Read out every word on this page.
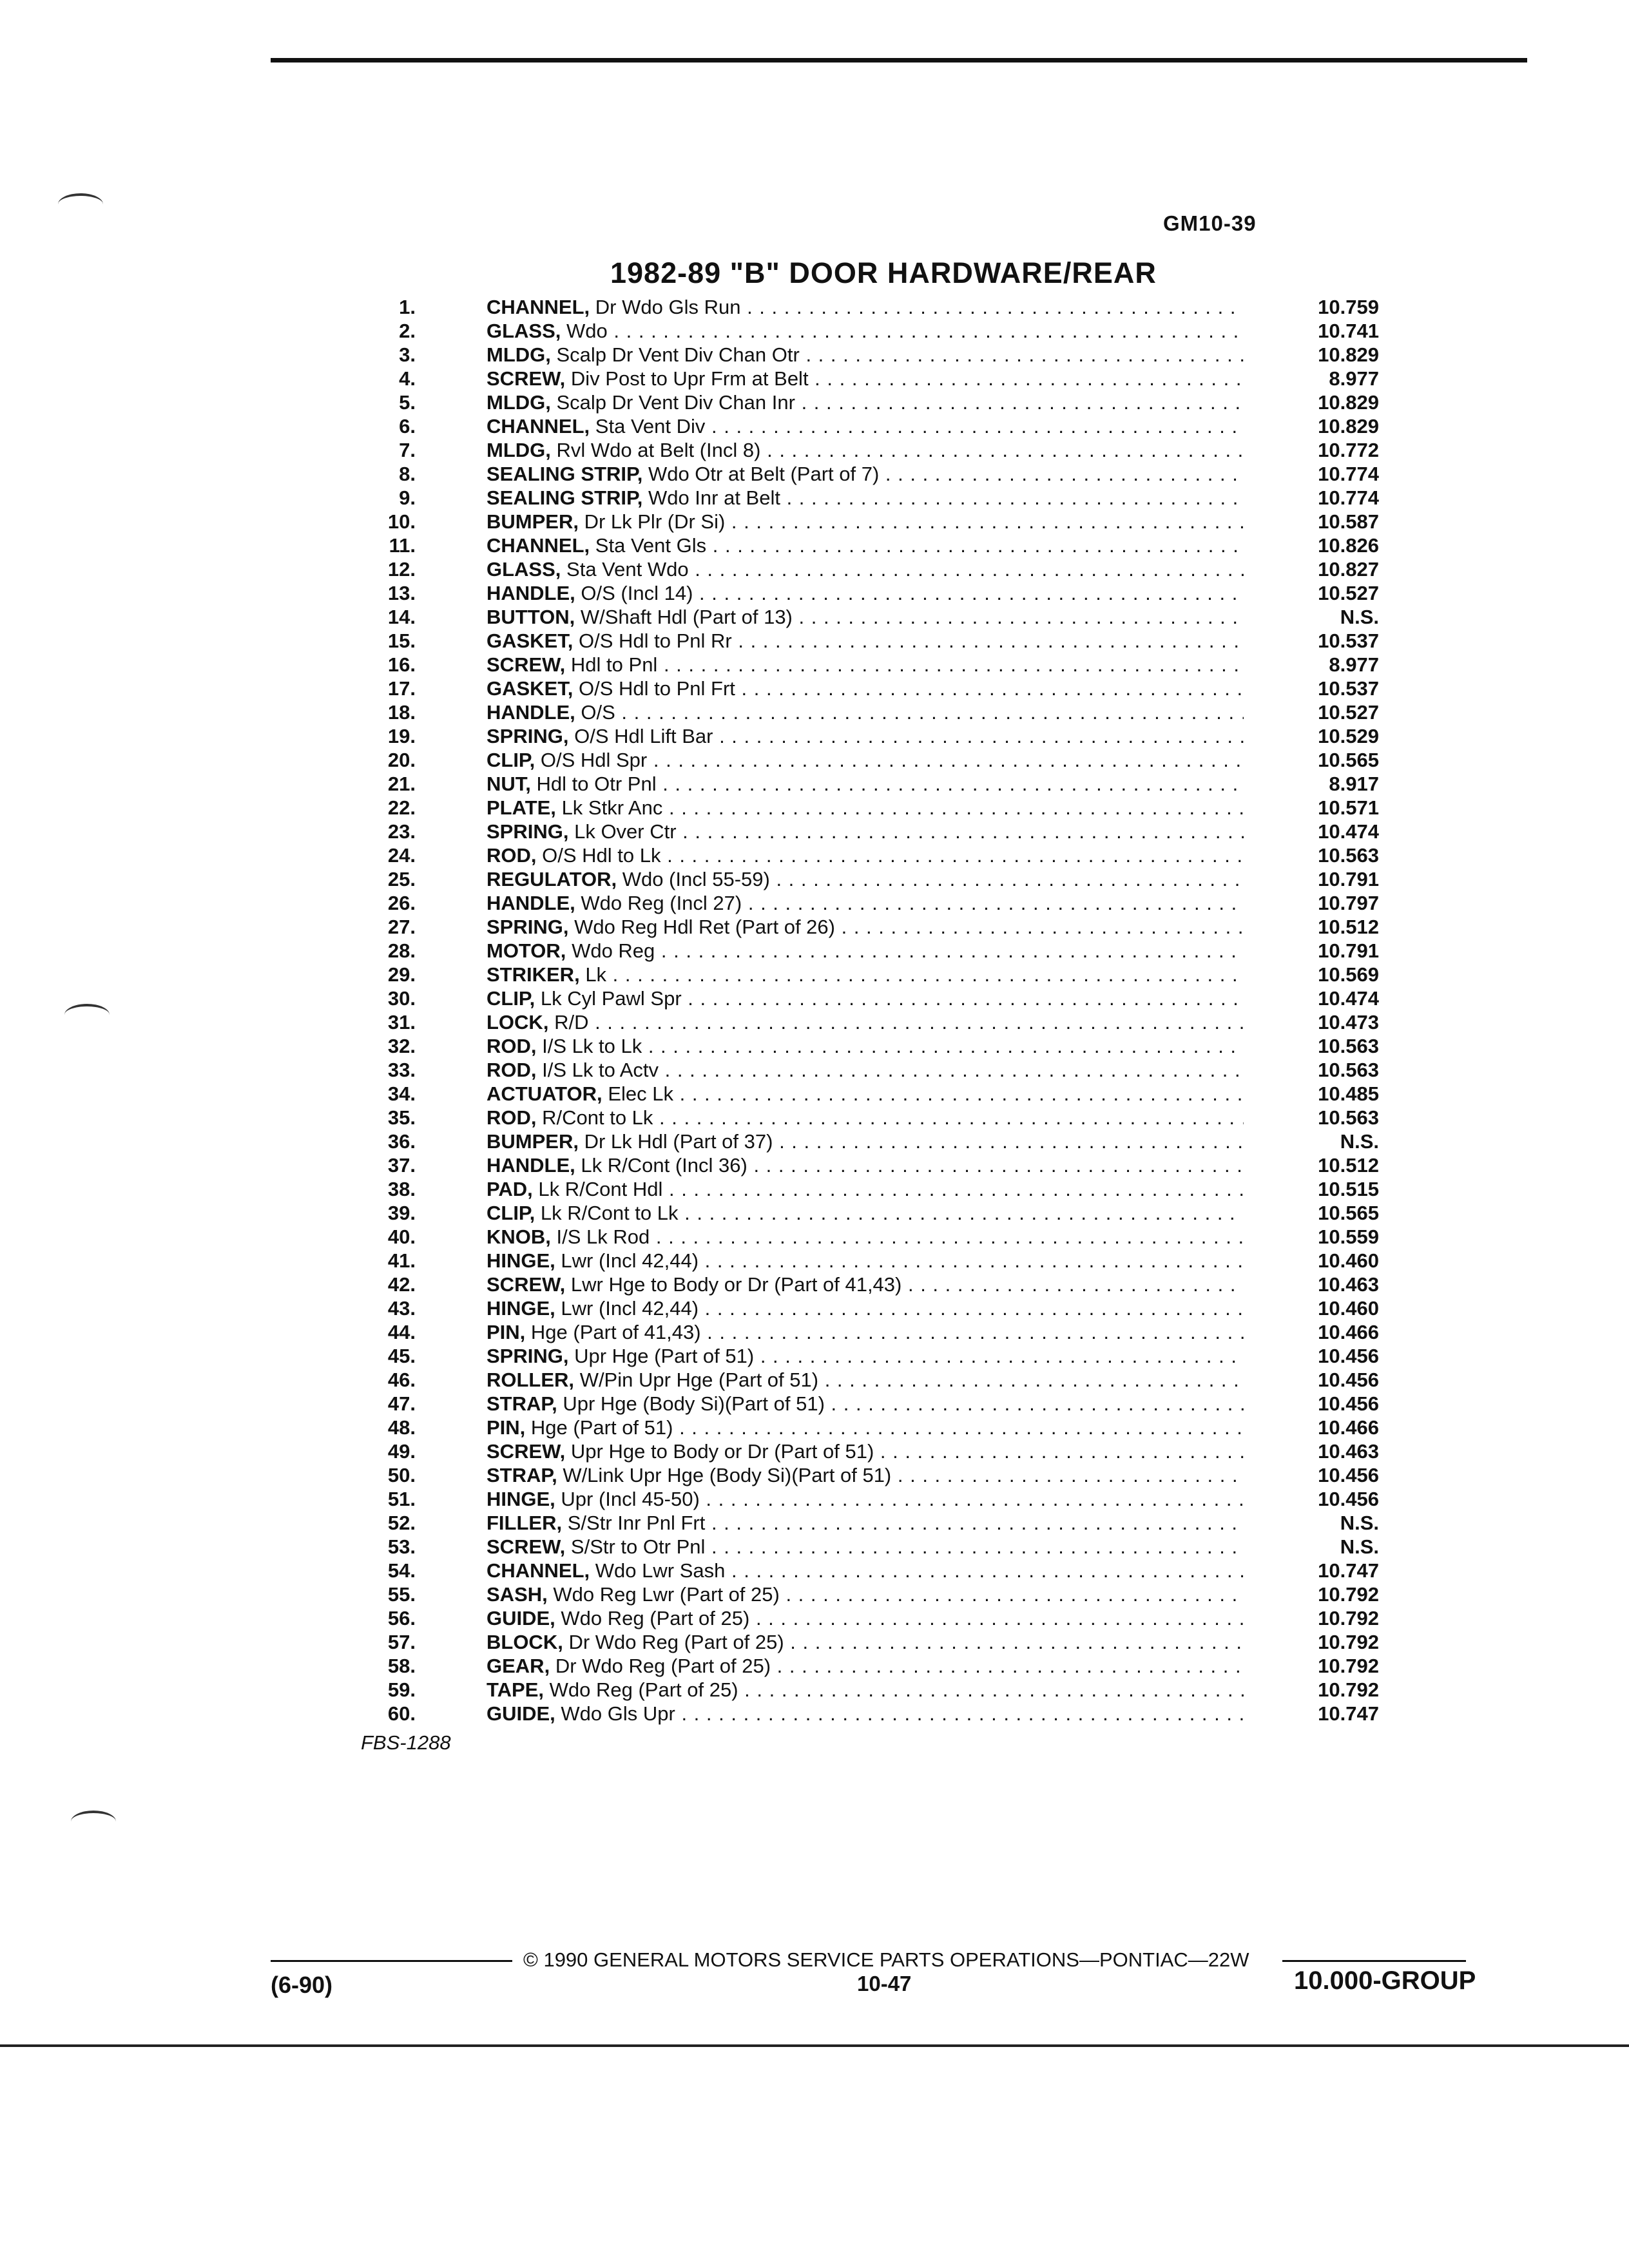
GM10-39
1982-89 "B" DOOR HARDWARE/REAR
1.	CHANNEL, Dr Wdo Gls Run . . .	10.759
2.	GLASS, Wdo . . .	10.741
3.	MLDG, Scalp Dr Vent Div Chan Otr . . .	10.829
4.	SCREW, Div Post to Upr Frm at Belt . . .	8.977
5.	MLDG, Scalp Dr Vent Div Chan Inr . . .	10.829
6.	CHANNEL, Sta Vent Div . . .	10.829
7.	MLDG, Rvl Wdo at Belt (Incl 8) . . .	10.772
8.	SEALING STRIP, Wdo Otr at Belt (Part of 7) . . .	10.774
9.	SEALING STRIP, Wdo Inr at Belt . . .	10.774
10.	BUMPER, Dr Lk Plr (Dr Si) . . .	10.587
11.	CHANNEL, Sta Vent Gls . . .	10.826
12.	GLASS, Sta Vent Wdo . . .	10.827
13.	HANDLE, O/S (Incl 14) . . .	10.527
14.	BUTTON, W/Shaft Hdl (Part of 13) . . .	N.S.
15.	GASKET, O/S Hdl to Pnl Rr . . .	10.537
16.	SCREW, Hdl to Pnl . . .	8.977
17.	GASKET, O/S Hdl to Pnl Frt . . .	10.537
18.	HANDLE, O/S . . .	10.527
19.	SPRING, O/S Hdl Lift Bar . . .	10.529
20.	CLIP, O/S Hdl Spr . . .	10.565
21.	NUT, Hdl to Otr Pnl . . .	8.917
22.	PLATE, Lk Stkr Anc . . .	10.571
23.	SPRING, Lk Over Ctr . . .	10.474
24.	ROD, O/S Hdl to Lk . . .	10.563
25.	REGULATOR, Wdo (Incl 55-59) . . .	10.791
26.	HANDLE, Wdo Reg (Incl 27) . . .	10.797
27.	SPRING, Wdo Reg Hdl Ret (Part of 26) . . .	10.512
28.	MOTOR, Wdo Reg . . .	10.791
29.	STRIKER, Lk . . .	10.569
30.	CLIP, Lk Cyl Pawl Spr . . .	10.474
31.	LOCK, R/D . . .	10.473
32.	ROD, I/S Lk to Lk . . .	10.563
33.	ROD, I/S Lk to Actv . . .	10.563
34.	ACTUATOR, Elec Lk . . .	10.485
35.	ROD, R/Cont to Lk . . .	10.563
36.	BUMPER, Dr Lk Hdl (Part of 37) . . .	N.S.
37.	HANDLE, Lk R/Cont (Incl 36) . . .	10.512
38.	PAD, Lk R/Cont Hdl . . .	10.515
39.	CLIP, Lk R/Cont to Lk . . .	10.565
40.	KNOB, I/S Lk Rod . . .	10.559
41.	HINGE, Lwr (Incl 42,44) . . .	10.460
42.	SCREW, Lwr Hge to Body or Dr (Part of 41,43) . . .	10.463
43.	HINGE, Lwr (Incl 42,44) . . .	10.460
44.	PIN, Hge (Part of 41,43) . . .	10.466
45.	SPRING, Upr Hge (Part of 51) . . .	10.456
46.	ROLLER, W/Pin Upr Hge (Part of 51) . . .	10.456
47.	STRAP, Upr Hge (Body Si)(Part of 51) . . .	10.456
48.	PIN, Hge (Part of 51) . . .	10.466
49.	SCREW, Upr Hge to Body or Dr (Part of 51) . . .	10.463
50.	STRAP, W/Link Upr Hge (Body Si)(Part of 51) . . .	10.456
51.	HINGE, Upr (Incl 45-50) . . .	10.456
52.	FILLER, S/Str Inr Pnl Frt . . .	N.S.
53.	SCREW, S/Str to Otr Pnl . . .	N.S.
54.	CHANNEL, Wdo Lwr Sash . . .	10.747
55.	SASH, Wdo Reg Lwr (Part of 25) . . .	10.792
56.	GUIDE, Wdo Reg (Part of 25) . . .	10.792
57.	BLOCK, Dr Wdo Reg (Part of 25) . . .	10.792
58.	GEAR, Dr Wdo Reg (Part of 25) . . .	10.792
59.	TAPE, Wdo Reg (Part of 25) . . .	10.792
60.	GUIDE, Wdo Gls Upr . . .	10.747
FBS-1288
© 1990 GENERAL MOTORS SERVICE PARTS OPERATIONS—PONTIAC—22W
(6-90)	10-47	10.000-GROUP
